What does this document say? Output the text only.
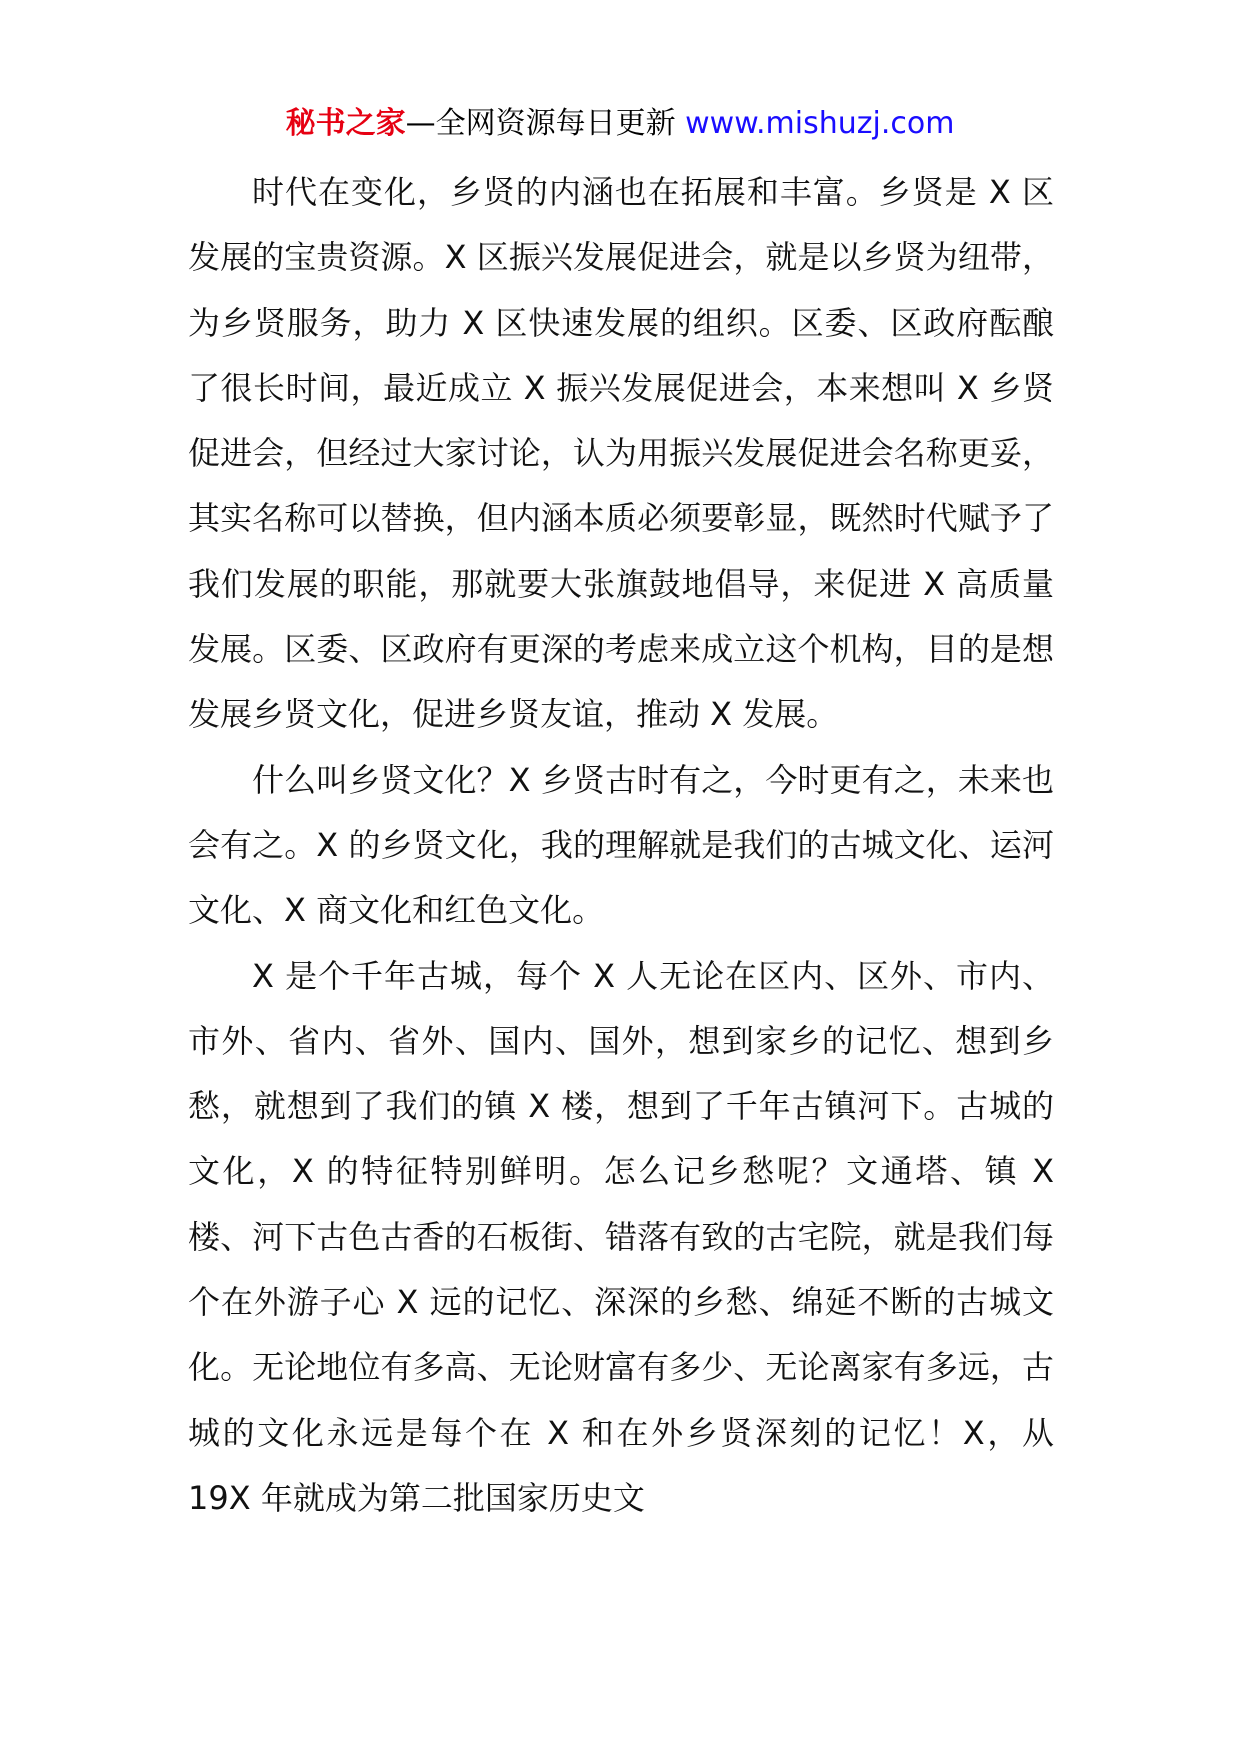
秘书之家—全网资源每日更新 www.mishuzj.com

时代在变化，乡贤的内涵也在拓展和丰富。乡贤是 X 区发展的宝贵资源。X 区振兴发展促进会，就是以乡贤为纽带，为乡贤服务，助力 X 区快速发展的组织。区委、区政府酝酿了很长时间，最近成立 X 振兴发展促进会，本来想叫 X 乡贤促进会，但经过大家讨论，认为用振兴发展促进会名称更妥，其实名称可以替换，但内涵本质必须要彰显，既然时代赋予了我们发展的职能，那就要大张旗鼓地倡导，来促进 X 高质量发展。区委、区政府有更深的考虑来成立这个机构，目的是想发展乡贤文化，促进乡贤友谊，推动 X 发展。

什么叫乡贤文化？X 乡贤古时有之，今时更有之，未来也会有之。X 的乡贤文化，我的理解就是我们的古城文化、运河文化、X 商文化和红色文化。

X 是个千年古城，每个 X 人无论在区内、区外、市内、市外、省内、省外、国内、国外，想到家乡的记忆、想到乡愁，就想到了我们的镇 X 楼，想到了千年古镇河下。古城的文化，X 的特征特别鲜明。怎么记乡愁呢？文通塔、镇 X 楼、河下古色古香的石板街、错落有致的古宅院，就是我们每个在外游子心 X 远的记忆、深深的乡愁、绵延不断的古城文化。无论地位有多高、无论财富有多少、无论离家有多远，古城的文化永远是每个在 X 和在外乡贤深刻的记忆！X，从 19X 年就成为第二批国家历史文
